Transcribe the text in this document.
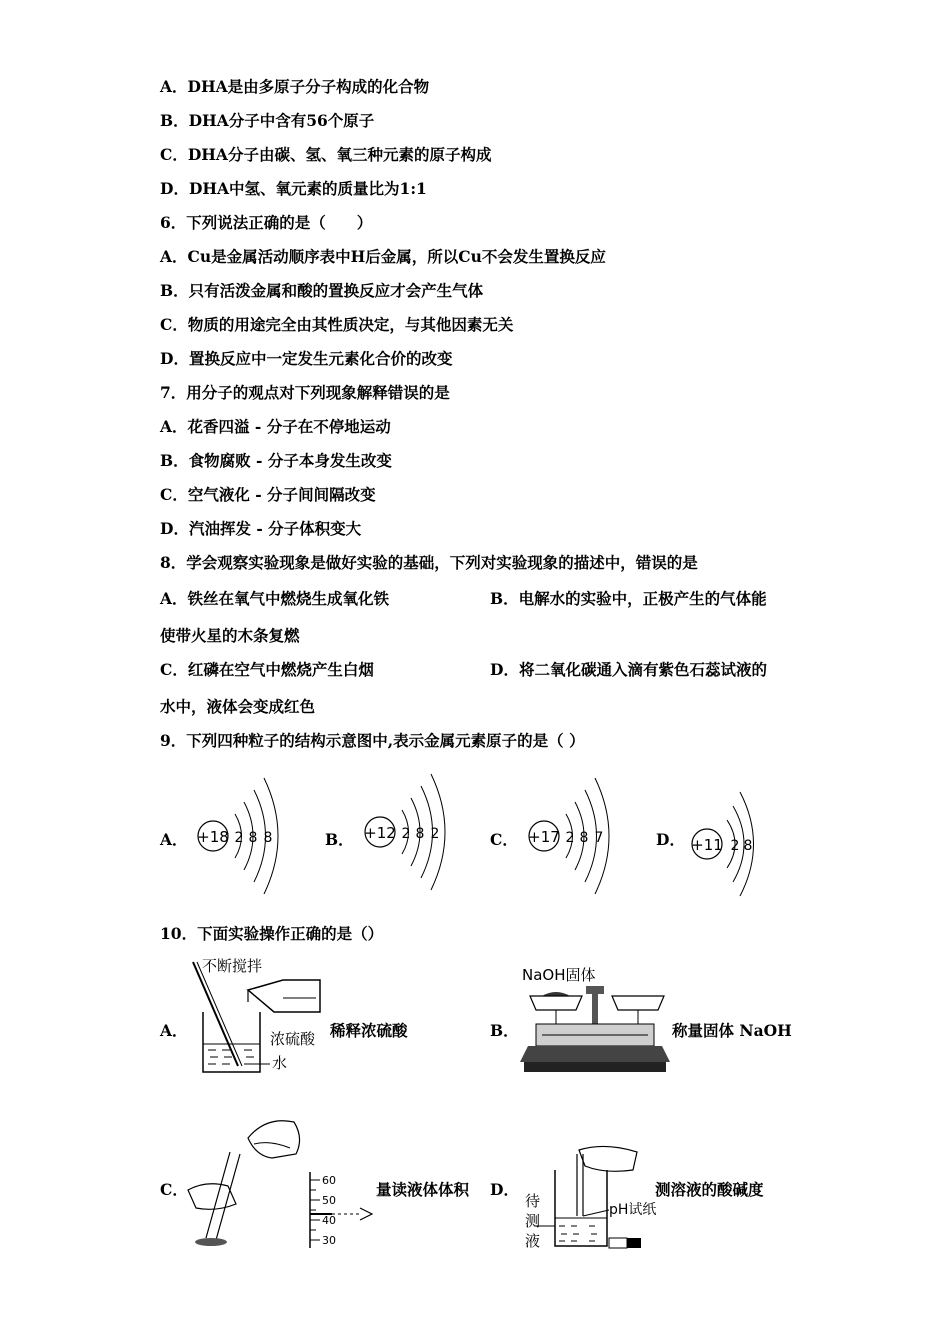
A．DHA是由多原子分子构成的化合物
B．DHA分子中含有56个原子
C．DHA分子由碳、氢、氧三种元素的原子构成
D．DHA中氢、氧元素的质量比为1:1
6．下列说法正确的是（　　）
A．Cu是金属活动顺序表中H后金属，所以Cu不会发生置换反应
B．只有活泼金属和酸的置换反应才会产生气体
C．物质的用途完全由其性质决定，与其他因素无关
D．置换反应中一定发生元素化合价的改变
7．用分子的观点对下列现象解释错误的是
A．花香四溢 - 分子在不停地运动
B．食物腐败 - 分子本身发生改变
C．空气液化 - 分子间间隔改变
D．汽油挥发 - 分子体积变大
8．学会观察实验现象是做好实验的基础，下列对实验现象的描述中，错误的是
A．铁丝在氧气中燃烧生成氧化铁	B．电解水的实验中，正极产生的气体能
使带火星的木条复燃
C．红磷在空气中燃烧产生白烟	D．将二氧化碳通入滴有紫色石蕊试液的
水中，液体会变成红色
9．下列四种粒子的结构示意图中,表示金属元素原子的是（ ）
A． +18 2 8 8	B． +12 2 8 2	C． +17 2 8 7	D． +11 2 8
10．下面实验操作正确的是（）
A．
不断搅拌
浓硫酸
水
稀释浓硫酸	B．
NaOH固体
称量固体 NaOH
C．	60
50
40
30
量读液体体积 D．
pH试纸
待
测
液
测溶液的酸碱度
